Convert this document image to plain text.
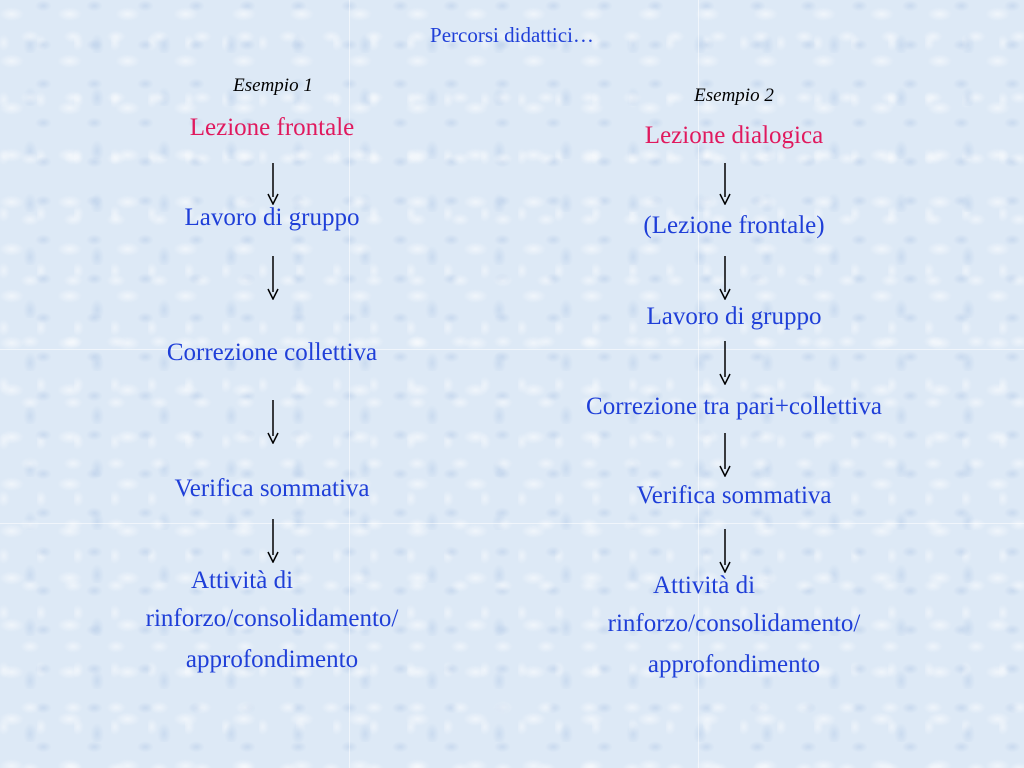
Percorsi didattici…
Esempio 1
Lezione frontale
Lavoro di gruppo
Correzione collettiva
Verifica sommativa
Attività di
rinforzo/consolidamento/
approfondimento
Esempio 2
Lezione dialogica
(Lezione frontale)
Lavoro di gruppo
Correzione tra pari+collettiva
Verifica sommativa
Attività di
rinforzo/consolidamento/
approfondimento
